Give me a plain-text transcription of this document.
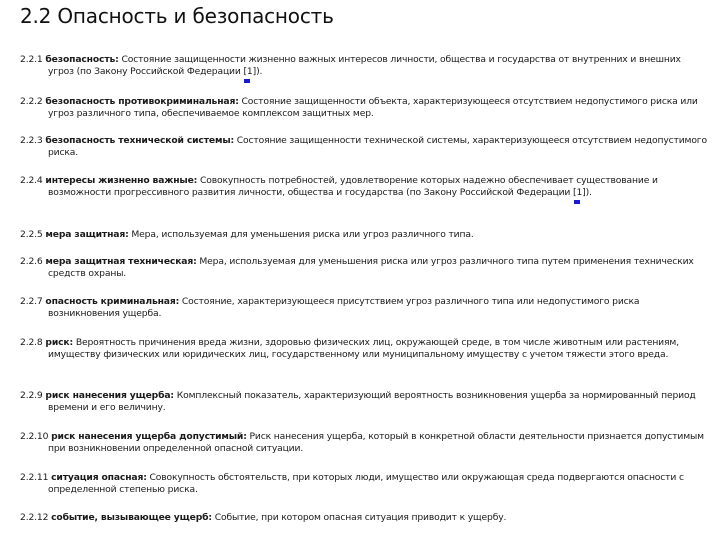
2.2 Опасность и безопасность
2.2.1 безопасность: Состояние защищенности жизненно важных интересов личности, общества и государства от внутренних и внешних угроз (по Закону Российской Федерации [1]
).
2.2.2 безопасность противокриминальная: Состояние защищенности объекта, характеризующееся отсутствием недопустимого риска или угроз различного типа, обеспечиваемое комплексом защитных мер.
2.2.3 безопасность технической системы: Состояние защищенности технической системы, характеризующееся отсутствием недопустимого риска.
2.2.4 интересы жизненно важные: Совокупность потребностей, удовлетворение которых надежно обеспечивает существование и возможности прогрессивного развития личности, общества и государства (по Закону Российской Федерации [1]
).
2.2.5 мера защитная: Мера, используемая для уменьшения риска или угроз различного типа.
2.2.6 мера защитная техническая: Мера, используемая для уменьшения риска или угроз различного типа путем применения технических средств охраны.
2.2.7 опасность криминальная: Состояние, характеризующееся присутствием угроз различного типа или недопустимого риска возникновения ущерба.
2.2.8 риск: Вероятность причинения вреда жизни, здоровью физических лиц, окружающей среде, в том числе животным или растениям, имуществу физических или юридических лиц, государственному или муниципальному имуществу с учетом тяжести этого вреда.
2.2.9 риск нанесения ущерба: Комплексный показатель, характеризующий вероятность возникновения ущерба за нормированный период времени и его величину.
2.2.10 риск нанесения ущерба допустимый: Риск нанесения ущерба, который в конкретной области деятельности признается допустимым при возникновении определенной опасной ситуации.
2.2.11 ситуация опасная: Совокупность обстоятельств, при которых люди, имущество или окружающая среда подвергаются опасности с определенной степенью риска.
2.2.12 событие, вызывающее ущерб: Событие, при котором опасная ситуация приводит к ущербу.
